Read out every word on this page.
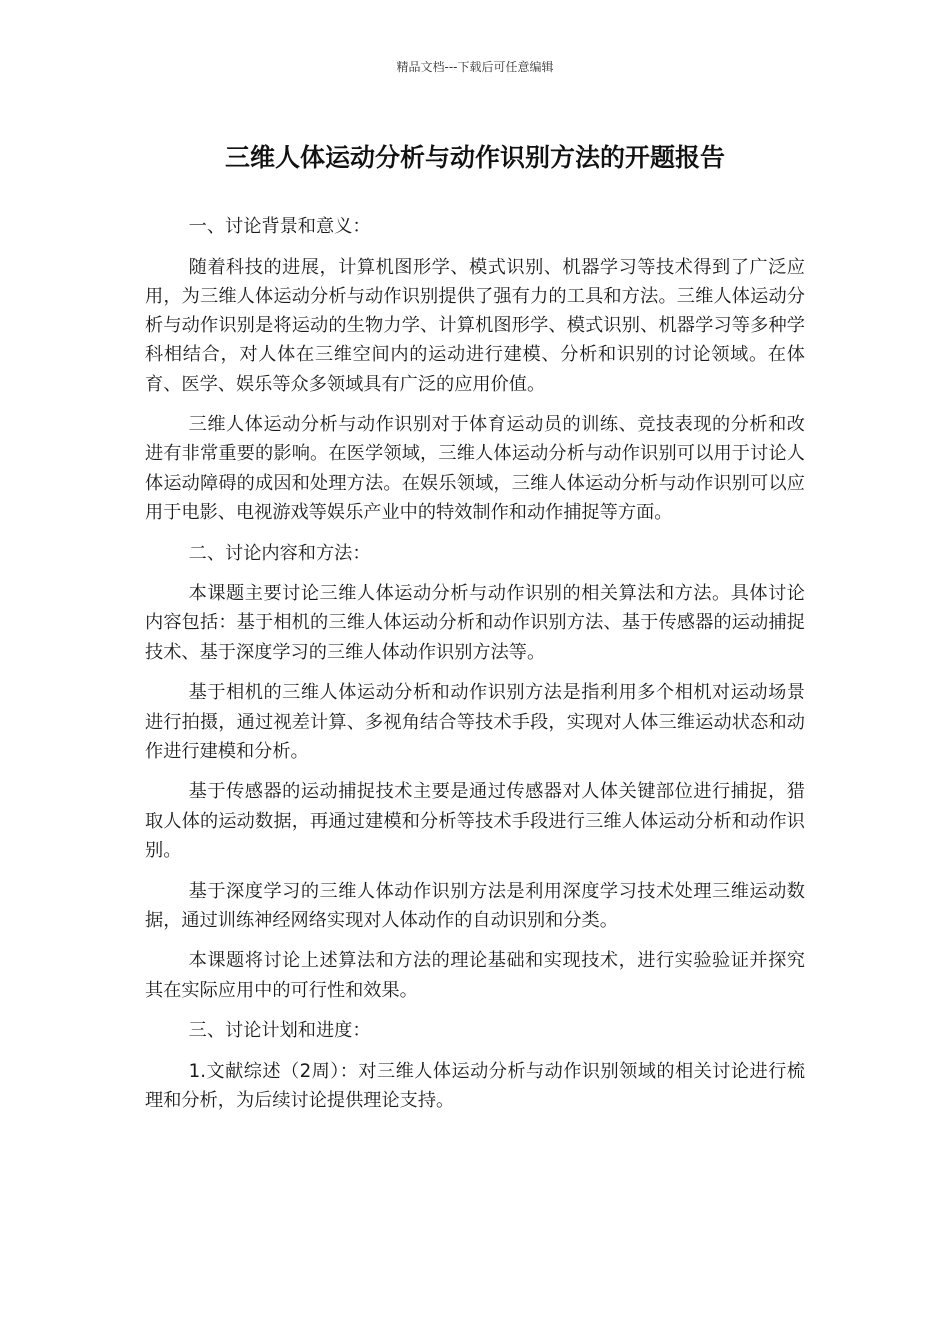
精品文档---下载后可任意编辑
三维人体运动分析与动作识别方法的开题报告

一、讨论背景和意义：

随着科技的进展，计算机图形学、模式识别、机器学习等技术得到了广泛应用，为三维人体运动分析与动作识别提供了强有力的工具和方法。三维人体运动分析与动作识别是将运动的生物力学、计算机图形学、模式识别、机器学习等多种学科相结合，对人体在三维空间内的运动进行建模、分析和识别的讨论领域。在体育、医学、娱乐等众多领域具有广泛的应用价值。

三维人体运动分析与动作识别对于体育运动员的训练、竞技表现的分析和改进有非常重要的影响。在医学领域，三维人体运动分析与动作识别可以用于讨论人体运动障碍的成因和处理方法。在娱乐领域，三维人体运动分析与动作识别可以应用于电影、电视游戏等娱乐产业中的特效制作和动作捕捉等方面。

二、讨论内容和方法：

本课题主要讨论三维人体运动分析与动作识别的相关算法和方法。具体讨论内容包括：基于相机的三维人体运动分析和动作识别方法、基于传感器的运动捕捉技术、基于深度学习的三维人体动作识别方法等。

基于相机的三维人体运动分析和动作识别方法是指利用多个相机对运动场景进行拍摄，通过视差计算、多视角结合等技术手段，实现对人体三维运动状态和动作进行建模和分析。

基于传感器的运动捕捉技术主要是通过传感器对人体关键部位进行捕捉，猎取人体的运动数据，再通过建模和分析等技术手段进行三维人体运动分析和动作识别。

基于深度学习的三维人体动作识别方法是利用深度学习技术处理三维运动数据，通过训练神经网络实现对人体动作的自动识别和分类。

本课题将讨论上述算法和方法的理论基础和实现技术，进行实验验证并探究其在实际应用中的可行性和效果。

三、讨论计划和进度：

1.文献综述（2周）：对三维人体运动分析与动作识别领域的相关讨论进行梳理和分析，为后续讨论提供理论支持。
